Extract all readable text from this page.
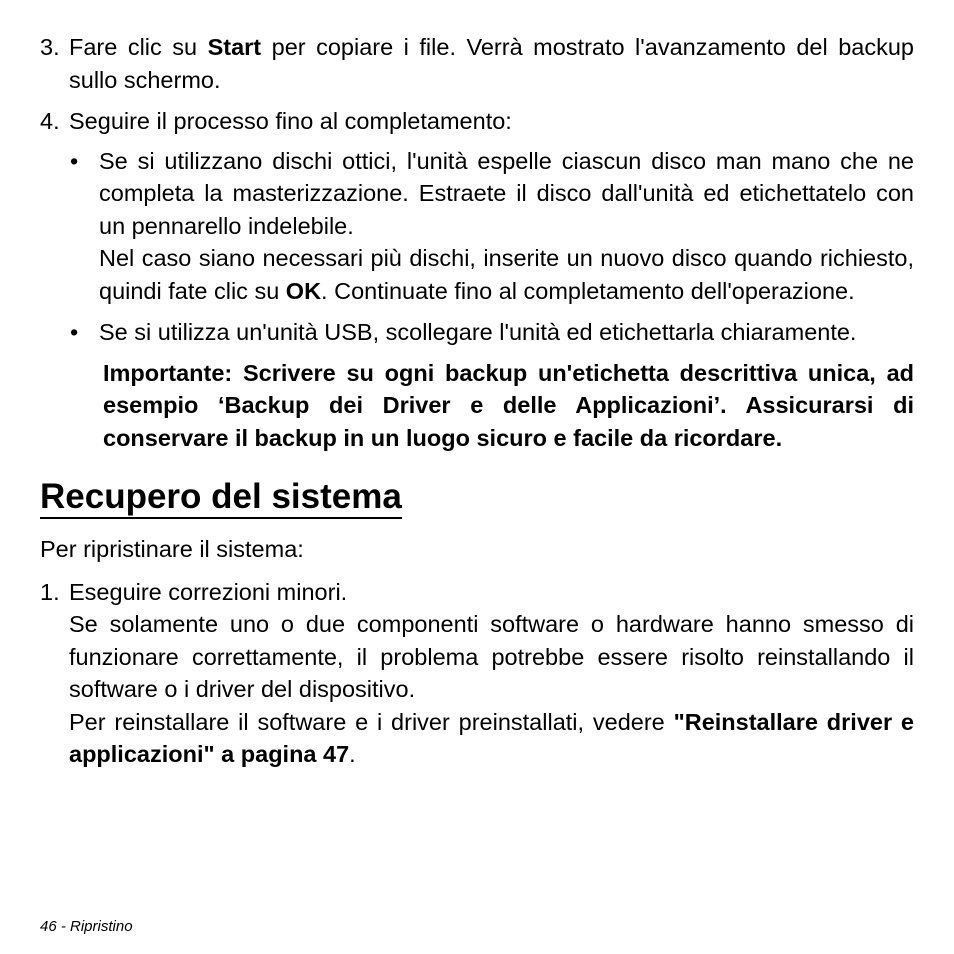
3. Fare clic su Start per copiare i file. Verrà mostrato l'avanzamento del backup sullo schermo.
4. Seguire il processo fino al completamento:
• Se si utilizzano dischi ottici, l'unità espelle ciascun disco man mano che ne completa la masterizzazione. Estraete il disco dall'unità ed etichettatelo con un pennarello indelebile.

Nel caso siano necessari più dischi, inserite un nuovo disco quando richiesto, quindi fate clic su OK. Continuate fino al completamento dell'operazione.

• Se si utilizza un'unità USB, scollegare l'unità ed etichettarla chiaramente.

Importante: Scrivere su ogni backup un'etichetta descrittiva unica, ad esempio ‘Backup dei Driver e delle Applicazioni’. Assicurarsi di conservare il backup in un luogo sicuro e facile da ricordare.
Recupero del sistema

Per ripristinare il sistema:

1. Eseguire correzioni minori.

Se solamente uno o due componenti software o hardware hanno smesso di funzionare correttamente, il problema potrebbe essere risolto reinstallando il software o i driver del dispositivo.

Per reinstallare il software e i driver preinstallati, vedere "Reinstallare driver e applicazioni" a pagina 47.

46 - Ripristino
